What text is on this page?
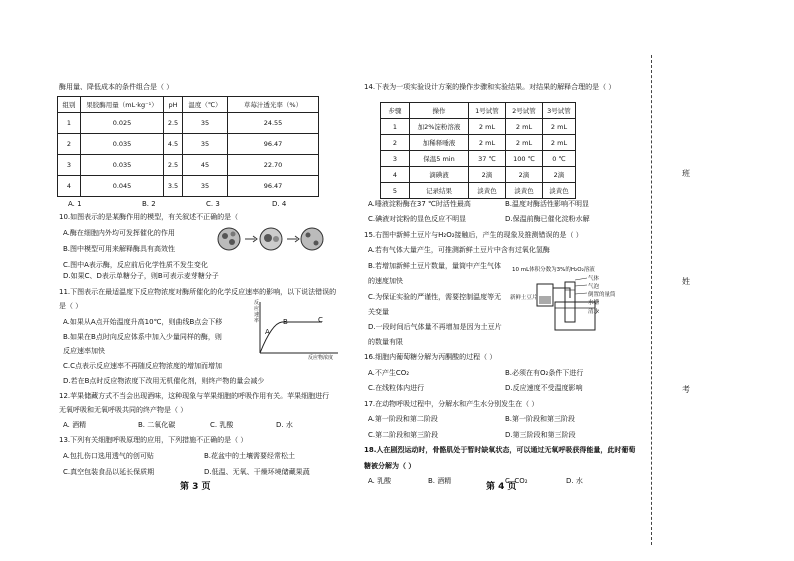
酶用量、降低成本的条件组合是（ ）
组别	果胶酶用量（mL·kg⁻¹）	pH	温度（℃）	草莓汁透光率（%）
1	0.025	2.5	35	24.55
2	0.035	4.5	35	96.47
3	0.035	2.5	45	22.70
4	0.045	3.5	35	96.47
A. 1	B. 2	C. 3	D. 4
10.如图表示的是某酶作用的模型，有关叙述不正确的是（
A.酶在细胞内外均可发挥催化的作用
B.图中模型可用来解释酶具有高效性
C.图中A表示酶，反应前后化学性质不发生变化
D.如果C、D表示单糖分子，则B可表示麦芽糖分子
11.下图表示在最适温度下反应物浓度对酶所催化的化学反应速率的影响，以下说法错误的
是（ ）
A.如果从A点开始温度升高10℃，则曲线B点会下移
B.如果在B点时向反应体系中加入少量同样的酶，则
反应速率加快
C.C点表示反应速率不再随反应物浓度的增加而增加
D.若在B点时反应物浓度下改用无机催化剂，则终产物的量会减少
反应速率
反应物浓度
A
B	C
12.苹果储藏方式不当会出现酒味，这种现象与苹果细胞的呼吸作用有关。苹果细胞进行
无氧呼吸和无氧呼吸共同的终产物是（ ）
A. 酒精	B. 二氧化碳	C. 乳酸	D. 水
13.下列有关细胞呼吸原理的应用，下列措施不正确的是（ ）
A.包扎伤口选用透气的创可贴	B.花盆中的土壤需要经常松土
C.真空包装食品以延长保质期	D.低温、无氧、干燥环境储藏果蔬
第 3 页
14.下表为一项实验设计方案的操作步骤和实验结果。对结果的解释合理的是（ ）
步骤	操作	1号试管	2号试管	3号试管
1	加2%淀粉溶液	2 mL	2 mL	2 mL
2	加稀释唾液	2 mL	2 mL	2 mL
3	保温5 min	37 ℃	100 ℃	0 ℃
4	滴碘液	2滴	2滴	2滴
5	记录结果	淡黄色	淡黄色	淡黄色
A.唾液淀粉酶在37 ℃时活性最高	B.温度对酶活性影响不明显
C.碘液对淀粉的显色反应不明显	D.保温前酶已催化淀粉水解
15.右图中新鲜土豆片与H₂O₂接触后，产生的现象及推测错误的是（ ）
A.若有气体大量产生，可推测新鲜土豆片中含有过氧化氢酶
B.若增加新鲜土豆片数量，量筒中产生气体
的速度加快
C.为保证实验的严谨性，需要控制温度等无
关变量
D.一段时间后气体量不再增加是因为土豆片
的数量有限
10 mL体积分数为3%的H₂O₂溶液
气体
气泡
新鲜土豆片	倒置的量筒
水槽
清水
16.细胞内葡萄糖分解为丙酮酸的过程（ ）
A.不产生CO₂	B.必须在有O₂条件下进行
C.在线粒体内进行	D.反应速度不受温度影响
17.在动物呼吸过程中，分解水和产生水分别发生在（ ）
A.第一阶段和第二阶段	B.第一阶段和第三阶段
C.第二阶段和第三阶段	D.第三阶段和第三阶段
18.人在剧烈运动时，骨骼肌处于暂时缺氧状态，可以通过无氧呼吸获得能量，此时葡萄
糖被分解为（ ）
A. 乳酸	B. 酒精	C. CO₂	D. 水
第 4 页
班
姓
考
